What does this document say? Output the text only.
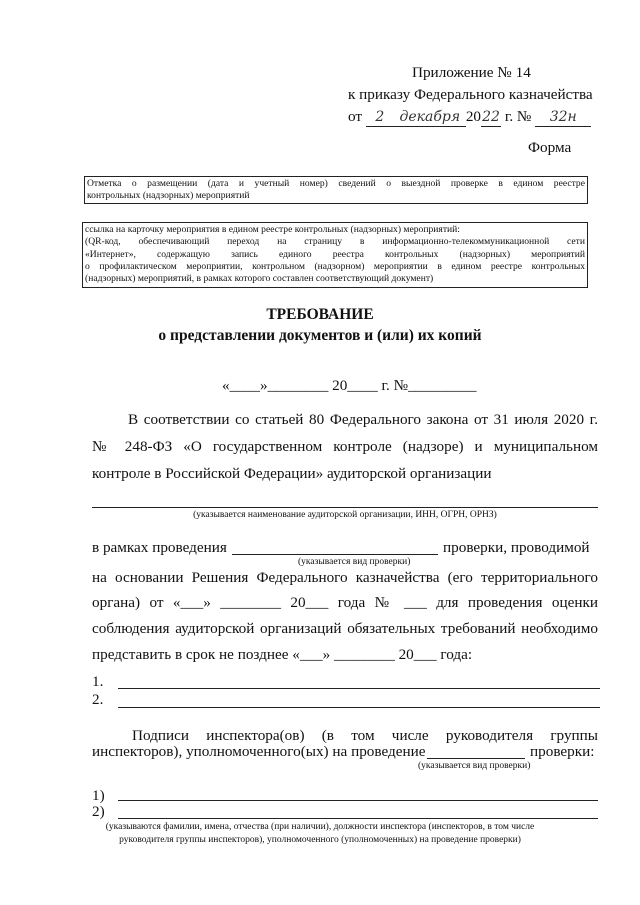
Приложение № 14
к приказу Федерального казначейства
от 2 декабря 2022 г. № 32н
Форма
Отметка о размещении (дата и учетный номер) сведений о выездной проверке в едином реестре
контрольных (надзорных) мероприятий
ссылка на карточку мероприятия в едином реестре контрольных (надзорных) мероприятий:
(QR-код, обеспечивающий переход на страницу в информационно-телекоммуникационной сети
«Интернет», содержащую запись единого реестра контрольных (надзорных) мероприятий
о профилактическом мероприятии, контрольном (надзорном) мероприятии в едином реестре контрольных
(надзорных) мероприятий, в рамках которого составлен соответствующий документ)
ТРЕБОВАНИЕ
о представлении документов и (или) их копий
«____»________ 20____ г. №_________
В соответствии со статьей 80 Федерального закона от 31 июля 2020 г.
№ 248-ФЗ «О государственном контроле (надзоре) и муниципальном
контроле в Российской Федерации» аудиторской организации
(указывается наименование аудиторской организации, ИНН, ОГРН, ОРНЗ)
в рамках проведения	проверки, проводимой
(указывается вид проверки)
на основании Решения Федерального казначейства (его территориального
органа) от «___» ________ 20___ года № ___ для проведения оценки
соблюдения аудиторской организаций обязательных требований необходимо
представить в срок не позднее «___» ________ 20___ года:
1.
2.
Подписи инспектора(ов) (в том числе руководителя группы
инспекторов), уполномоченного(ых) на проведение	проверки:
(указывается вид проверки)
1)
2)
(указываются фамилии, имена, отчества (при наличии), должности инспектора (инспекторов, в том числе
руководителя группы инспекторов), уполномоченного (уполномоченных) на проведение проверки)
